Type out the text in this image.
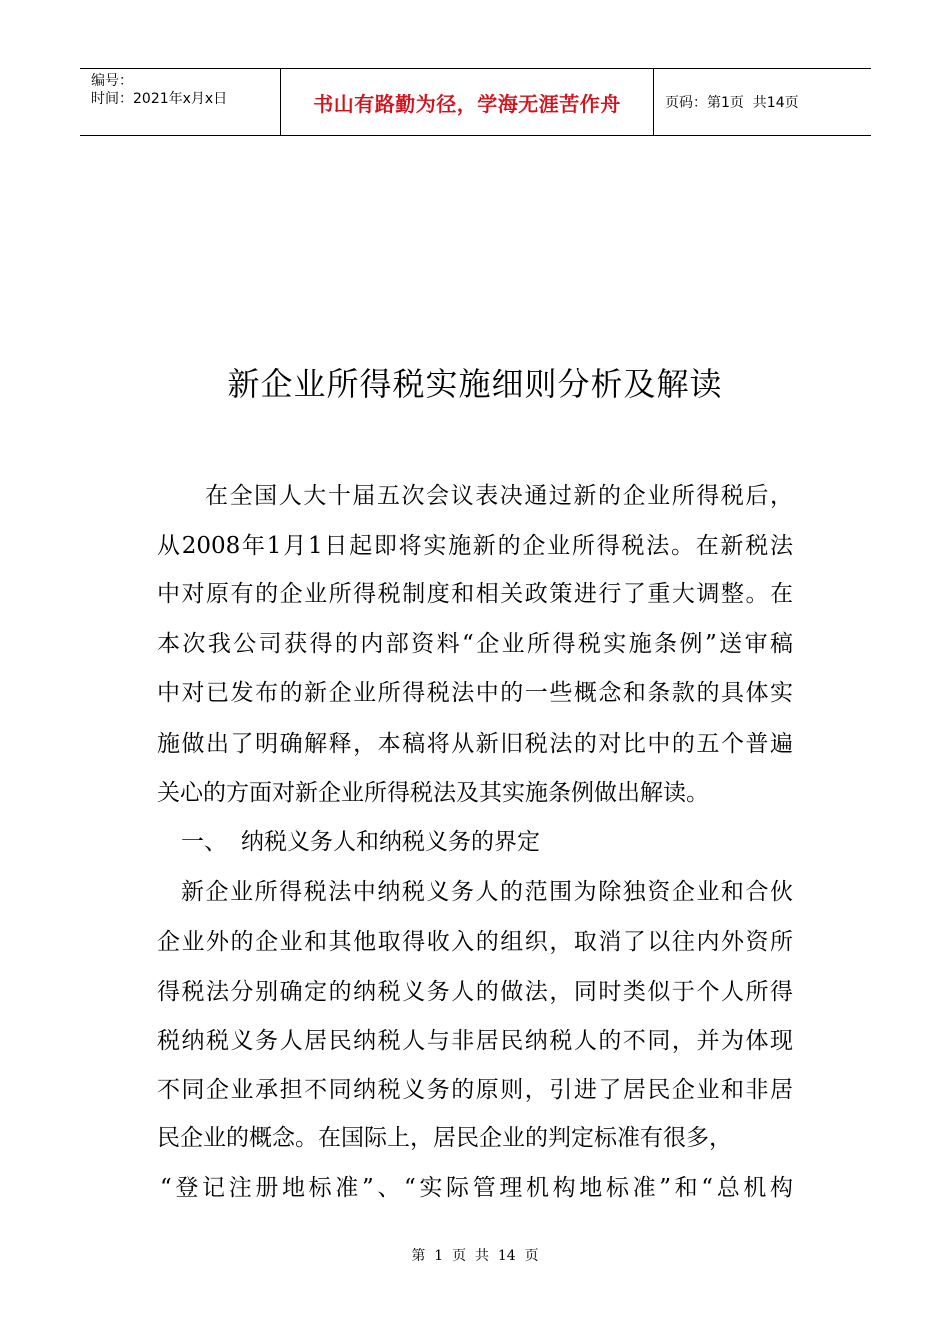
编号：
时间：2021年x月x日	书山有路勤为径，学海无涯苦作舟	页码：第1页  共14页
新企业所得税实施细则分析及解读
在全国人大十届五次会议表决通过新的企业所得税后，
从2008年1月1日起即将实施新的企业所得税法。在新税法
中对原有的企业所得税制度和相关政策进行了重大调整。在
本次我公司获得的内部资料“企业所得税实施条例”送审稿
中对已发布的新企业所得税法中的一些概念和条款的具体实
施做出了明确解释，本稿将从新旧税法的对比中的五个普遍
关心的方面对新企业所得税法及其实施条例做出解读。
一、 纳税义务人和纳税义务的界定
新企业所得税法中纳税义务人的范围为除独资企业和合伙
企业外的企业和其他取得收入的组织，取消了以往内外资所
得税法分别确定的纳税义务人的做法，同时类似于个人所得
税纳税义务人居民纳税人与非居民纳税人的不同，并为体现
不同企业承担不同纳税义务的原则，引进了居民企业和非居
民企业的概念。在国际上，居民企业的判定标准有很多，
“登记注册地标准”、“实际管理机构地标准”和“总机构
第  1  页  共  14  页
